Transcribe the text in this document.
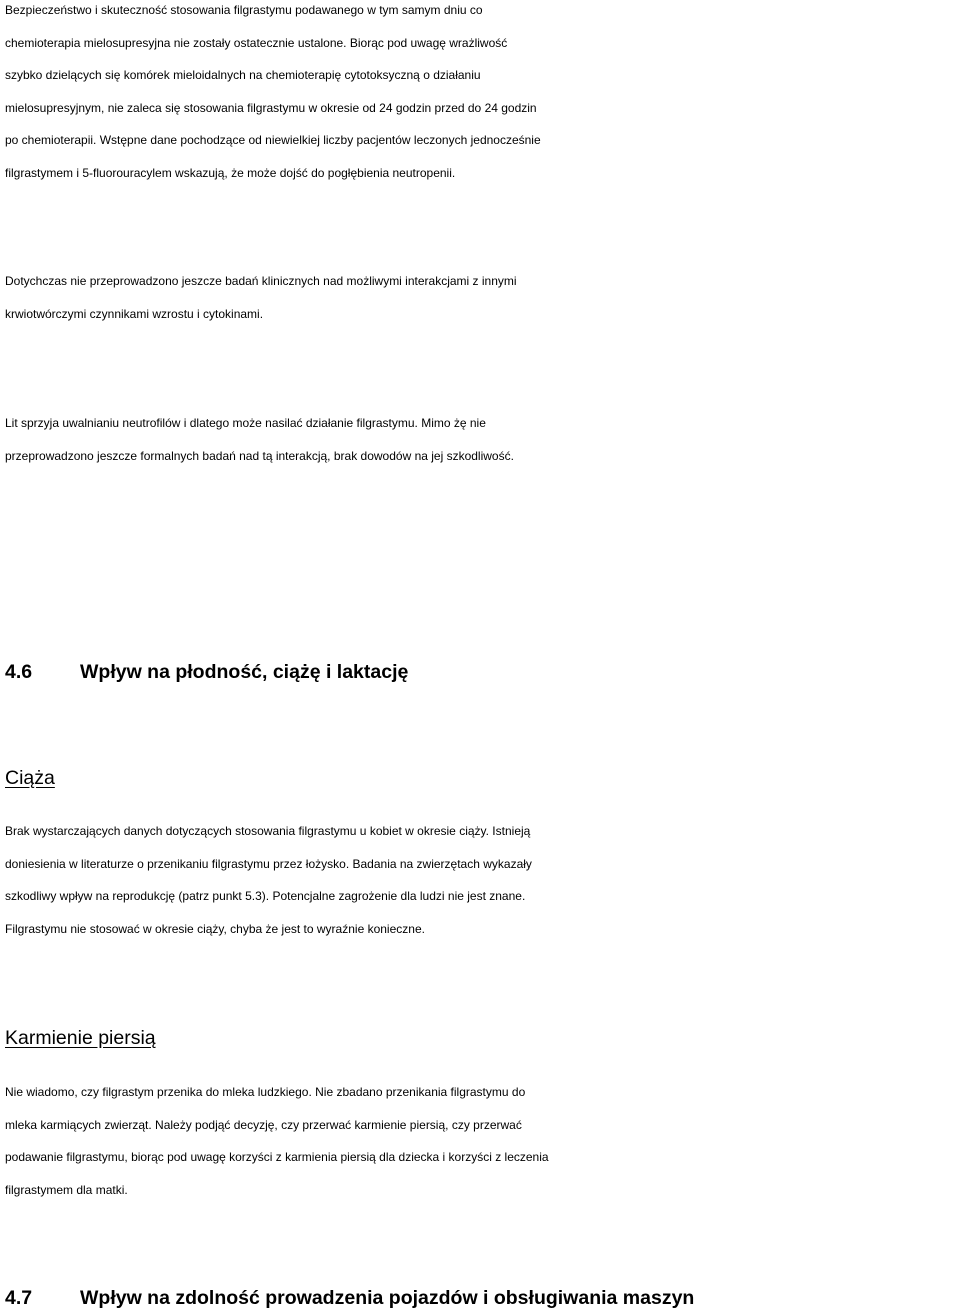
Bezpieczeństwo i skuteczność stosowania filgrastymu podawanego w tym samym dniu co
chemioterapia mielosupresyjna nie zostały ostatecznie ustalone. Biorąc pod uwagę wrażliwość
szybko dzielących się komórek mieloidalnych na chemioterapię cytotoksyczną o działaniu
mielosupresyjnym, nie zaleca się stosowania filgrastymu w okresie od 24 godzin przed do 24 godzin
po chemioterapii. Wstępne dane pochodzące od niewielkiej liczby pacjentów leczonych jednocześnie
filgrastymem i 5-fluorouracylem wskazują, że może dojść do pogłębienia neutropenii.
Dotychczas nie przeprowadzono jeszcze badań klinicznych nad możliwymi interakcjami z innymi
krwiotwórczymi czynnikami wzrostu i cytokinami.
Lit sprzyja uwalnianiu neutrofilów i dlatego może nasilać działanie filgrastymu. Mimo żę nie
przeprowadzono jeszcze formalnych badań nad tą interakcją, brak dowodów na jej szkodliwość.
4.6 Wpływ na płodność, ciążę i laktację
Ciąża
Brak wystarczających danych dotyczących stosowania filgrastymu u kobiet w okresie ciąży. Istnieją
doniesienia w literaturze o przenikaniu filgrastymu przez łożysko. Badania na zwierzętach wykazały
szkodliwy wpływ na reprodukcję (patrz punkt 5.3). Potencjalne zagrożenie dla ludzi nie jest znane.
Filgrastymu nie stosować w okresie ciąży, chyba że jest to wyraźnie konieczne.
Karmienie piersią
Nie wiadomo, czy filgrastym przenika do mleka ludzkiego. Nie zbadano przenikania filgrastymu do
mleka karmiących zwierząt. Należy podjąć decyzję, czy przerwać karmienie piersią, czy przerwać
podawanie filgrastymu, biorąc pod uwagę korzyści z karmienia piersią dla dziecka i korzyści z leczenia
filgrastymem dla matki.
4.7 Wpływ na zdolność prowadzenia pojazdów i obsługiwania maszyn
